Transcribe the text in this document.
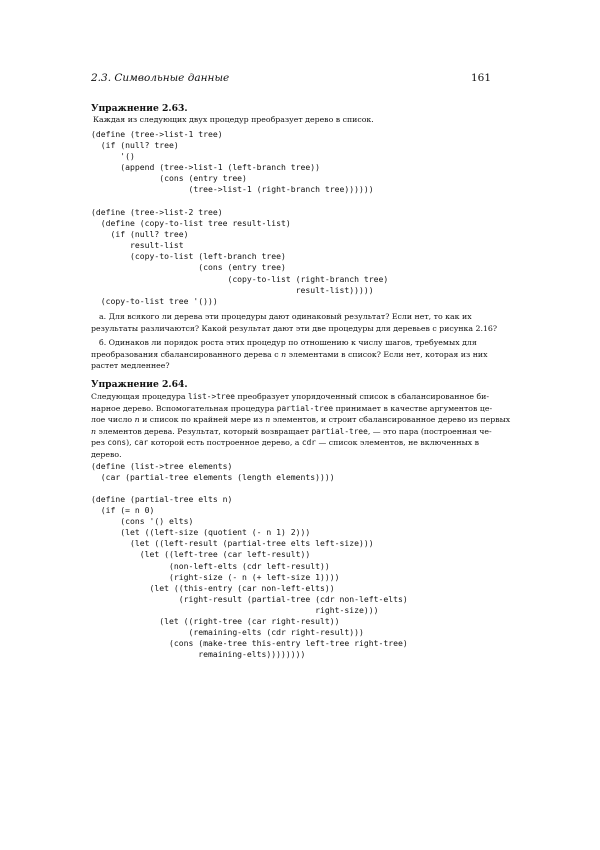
2.3. Символьные данные	161
Упражнение 2.63.
Каждая из следующих двух процедур преобразует дерево в список.
(define (tree->list-1 tree)
(if (null? tree)
'()
(append (tree->list-1 (left-branch tree))
(cons (entry tree)
(tree->list-1 (right-branch tree))))))
(define (tree->list-2 tree)
(define (copy-to-list tree result-list)
(if (null? tree)
result-list
(copy-to-list (left-branch tree)
(cons (entry tree)
(copy-to-list (right-branch tree)
result-list)))))
(copy-to-list tree '()))
а. Для всякого ли дерева эти процедуры дают одинаковый результат? Если нет, то как их
результаты различаются? Какой результат дают эти две процедуры для деревьев с рисунка 2.16?
б. Одинаков ли порядок роста этих процедур по отношению к числу шагов, требуемых для
преобразования сбалансированного дерева с n элементами в список? Если нет, которая из них
растет медленнее?
Упражнение 2.64.
Следующая процедура list->tree преобразует упорядоченный список в сбалансированное би-
нарное дерево. Вспомогательная процедура partial-tree принимает в качестве аргументов це-
лое число n и список по крайней мере из n элементов, и строит сбалансированное дерево из первых
n элементов дерева. Результат, который возвращает partial-tree, — это пара (построенная че-
рез cons), car которой есть построенное дерево, а cdr — список элементов, не включенных в
дерево.
(define (list->tree elements)
(car (partial-tree elements (length elements))))
(define (partial-tree elts n)
(if (= n 0)
(cons '() elts)
(let ((left-size (quotient (- n 1) 2)))
(let ((left-result (partial-tree elts left-size)))
(let ((left-tree (car left-result))
(non-left-elts (cdr left-result))
(right-size (- n (+ left-size 1))))
(let ((this-entry (car non-left-elts))
(right-result (partial-tree (cdr non-left-elts)
right-size)))
(let ((right-tree (car right-result))
(remaining-elts (cdr right-result)))
(cons (make-tree this-entry left-tree right-tree)
remaining-elts))))))))
